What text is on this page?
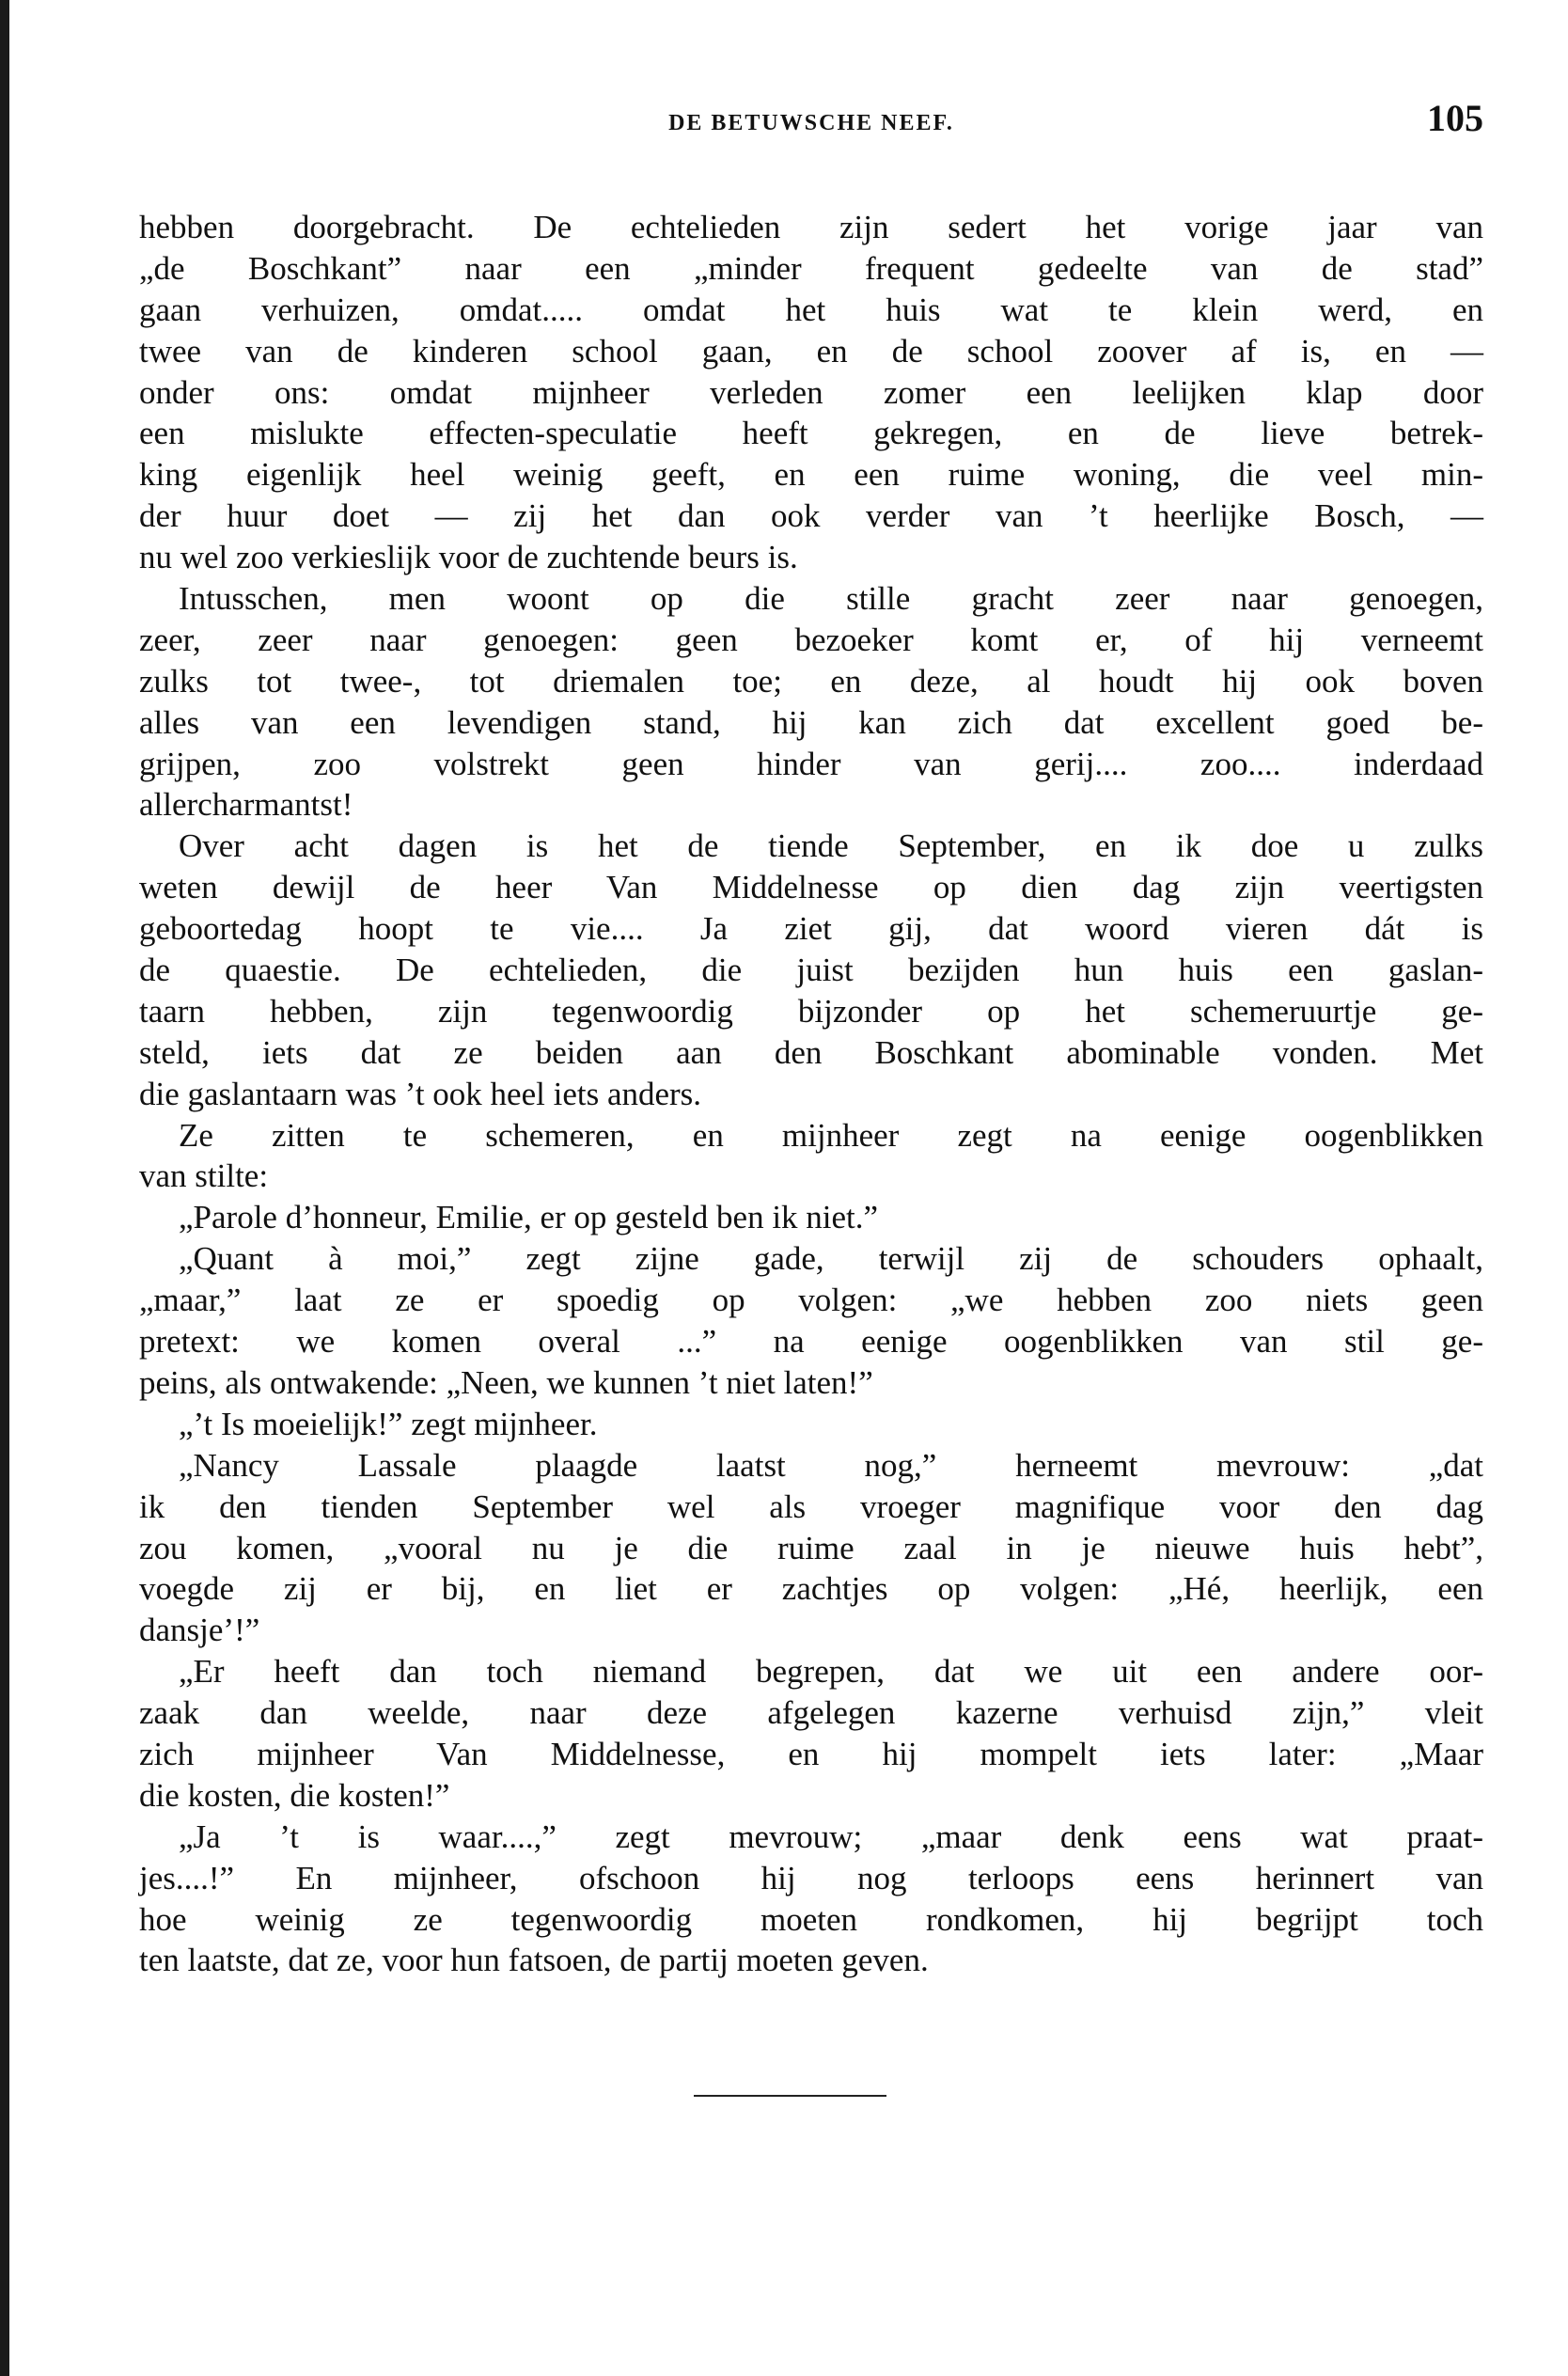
DE BETUWSCHE NEEF.	105
hebben doorgebracht. De echtelieden zijn sedert het vorige jaar van
„de Boschkant” naar een „minder frequent gedeelte van de stad”
gaan verhuizen, omdat..... omdat het huis wat te klein werd, en
twee van de kinderen school gaan, en de school zoover af is, en —
onder ons: omdat mijnheer verleden zomer een leelijken klap door
een mislukte effecten-speculatie heeft gekregen, en de lieve betrek-
king eigenlijk heel weinig geeft, en een ruime woning, die veel min-
der huur doet — zij het dan ook verder van ’t heerlijke Bosch, —
nu wel zoo verkieslijk voor de zuchtende beurs is.
Intusschen, men woont op die stille gracht zeer naar genoegen,
zeer, zeer naar genoegen: geen bezoeker komt er, of hij verneemt
zulks tot twee-, tot driemalen toe; en deze, al houdt hij ook boven
alles van een levendigen stand, hij kan zich dat excellent goed be-
grijpen, zoo volstrekt geen hinder van gerij.... zoo.... inderdaad
allercharmantst!
Over acht dagen is het de tiende September, en ik doe u zulks
weten dewijl de heer Van Middelnesse op dien dag zijn veertigsten
geboortedag hoopt te vie.... Ja ziet gij, dat woord vieren dát is
de quaestie. De echtelieden, die juist bezijden hun huis een gaslan-
taarn hebben, zijn tegenwoordig bijzonder op het schemeruurtje ge-
steld, iets dat ze beiden aan den Boschkant abominable vonden. Met
die gaslantaarn was ’t ook heel iets anders.
Ze zitten te schemeren, en mijnheer zegt na eenige oogenblikken
van stilte:
„Parole d’honneur, Emilie, er op gesteld ben ik niet.”
„Quant à moi,” zegt zijne gade, terwijl zij de schouders ophaalt,
„maar,” laat ze er spoedig op volgen: „we hebben zoo niets geen
pretext: we komen overal ...” na eenige oogenblikken van stil ge-
peins, als ontwakende: „Neen, we kunnen ’t niet laten!”
„’t Is moeielijk!” zegt mijnheer.
„Nancy Lassale plaagde laatst nog,” herneemt mevrouw: „dat
ik den tienden September wel als vroeger magnifique voor den dag
zou komen, „vooral nu je die ruime zaal in je nieuwe huis hebt”,
voegde zij er bij, en liet er zachtjes op volgen: „Hé, heerlijk, een
dansje’!”
„Er heeft dan toch niemand begrepen, dat we uit een andere oor-
zaak dan weelde, naar deze afgelegen kazerne verhuisd zijn,” vleit
zich mijnheer Van Middelnesse, en hij mompelt iets later: „Maar
die kosten, die kosten!”
„Ja ’t is waar....,” zegt mevrouw; „maar denk eens wat praat-
jes....!” En mijnheer, ofschoon hij nog terloops eens herinnert van
hoe weinig ze tegenwoordig moeten rondkomen, hij begrijpt toch
ten laatste, dat ze, voor hun fatsoen, de partij moeten geven.
